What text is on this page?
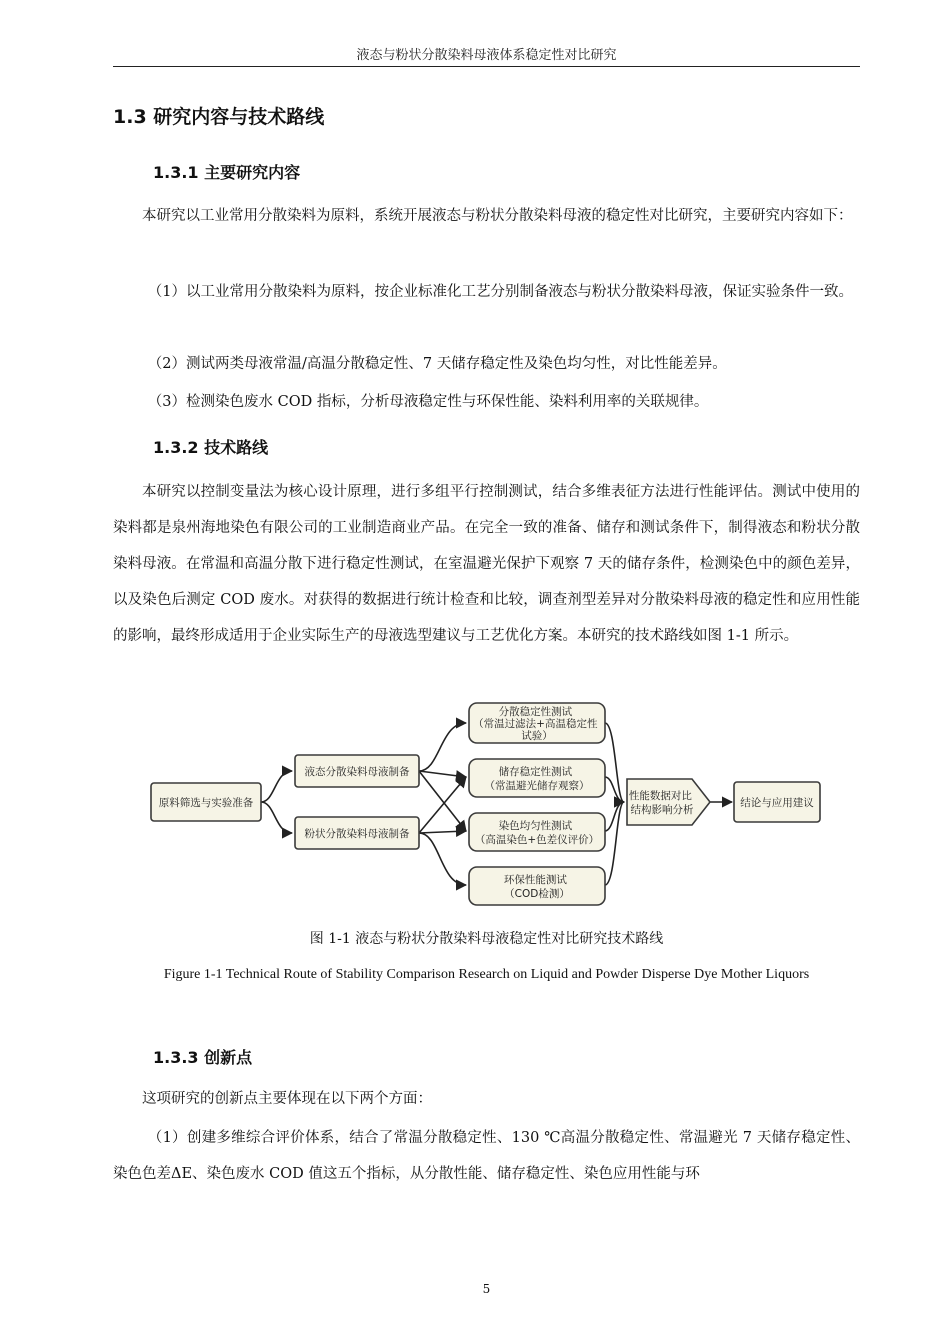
液态与粉状分散染料母液体系稳定性对比研究
1.3 研究内容与技术路线
1.3.1 主要研究内容

本研究以工业常用分散染料为原料，系统开展液态与粉状分散染料母液的稳定性对比研究，主要研究内容如下：

（1）以工业常用分散染料为原料，按企业标准化工艺分别制备液态与粉状分散染料母液，保证实验条件一致。

（2）测试两类母液常温/高温分散稳定性、7 天储存稳定性及染色均匀性，对比性能差异。

（3）检测染色废水 COD 指标，分析母液稳定性与环保性能、染料利用率的关联规律。

1.3.2 技术路线

本研究以控制变量法为核心设计原理，进行多组平行控制测试，结合多维表征方法进行性能评估。测试中使用的染料都是泉州海地染色有限公司的工业制造商业产品。在完全一致的准备、储存和测试条件下，制得液态和粉状分散染料母液。在常温和高温分散下进行稳定性测试，在室温避光保护下观察 7 天的储存条件，检测染色中的颜色差异，以及染色后测定 COD 废水。对获得的数据进行统计检查和比较，调查剂型差异对分散染料母液的稳定性和应用性能的影响，最终形成适用于企业实际生产的母液选型建议与工艺优化方案。本研究的技术路线如图 1-1 所示。

原料筛选与实验准备
液态分散染料母液制备
粉状分散染料母液制备
分散稳定性测试 （常温过滤法+高温稳定性 试验）
储存稳定性测试 （常温避光储存观察）
染色均匀性测试 （高温染色+色差仪评价）
环保性能测试 （COD检测）
性能数据对比 结构影响分析
结论与应用建议
图 1-1 液态与粉状分散染料母液稳定性对比研究技术路线
Figure 1-1 Technical Route of Stability Comparison Research on Liquid and Powder Disperse Dye Mother Liquors
1.3.3 创新点

这项研究的创新点主要体现在以下两个方面：

（1）创建多维综合评价体系，结合了常温分散稳定性、130 ℃高温分散稳定性、常温避光 7 天储存稳定性、染色色差ΔE、染色废水 COD 值这五个指标，从分散性能、储存稳定性、染色应用性能与环

5
